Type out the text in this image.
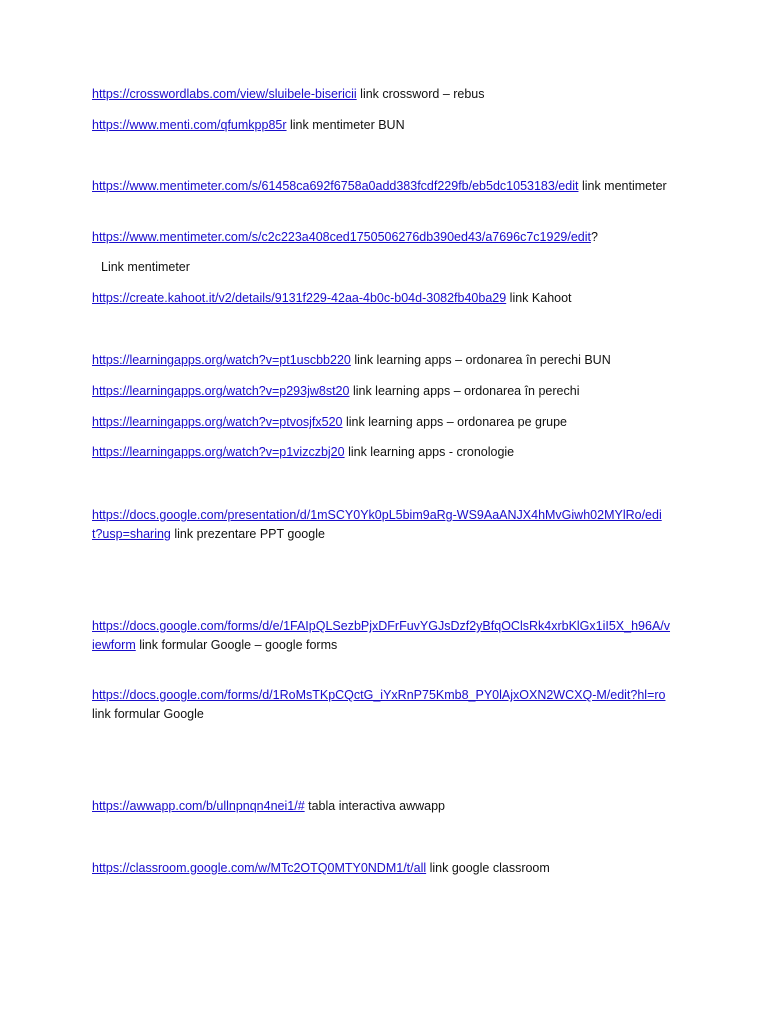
https://crosswordlabs.com/view/sluibele-bisericii link crossword – rebus

https://www.menti.com/qfumkpp85r link mentimeter BUN

https://www.mentimeter.com/s/61458ca692f6758a0add383fcdf229fb/eb5dc1053183/edit link mentimeter

https://www.mentimeter.com/s/c2c223a408ced1750506276db390ed43/a7696c7c1929/edit?

Link mentimeter

https://create.kahoot.it/v2/details/9131f229-42aa-4b0c-b04d-3082fb40ba29 link Kahoot

https://learningapps.org/watch?v=pt1uscbb220 link learning apps – ordonarea în perechi BUN

https://learningapps.org/watch?v=p293jw8st20 link learning apps – ordonarea în perechi

https://learningapps.org/watch?v=ptvosjfx520 link learning apps – ordonarea pe grupe

https://learningapps.org/watch?v=p1vizczbj20 link learning apps - cronologie

https://docs.google.com/presentation/d/1mSCY0Yk0pL5bim9aRg-WS9AaANJX4hMvGiwh02MYlRo/edit?usp=sharing link prezentare PPT google

https://docs.google.com/forms/d/e/1FAIpQLSezbPjxDFrFuvYGJsDzf2yBfqOClsRk4xrbKlGx1iI5X_h96A/viewform link formular Google – google forms

https://docs.google.com/forms/d/1RoMsTKpCQctG_iYxRnP75Kmb8_PY0lAjxOXN2WCXQ-M/edit?hl=ro link formular Google

https://awwapp.com/b/ullnpnqn4nei1/# tabla interactiva awwapp

https://classroom.google.com/w/MTc2OTQ0MTY0NDM1/t/all link google classroom
